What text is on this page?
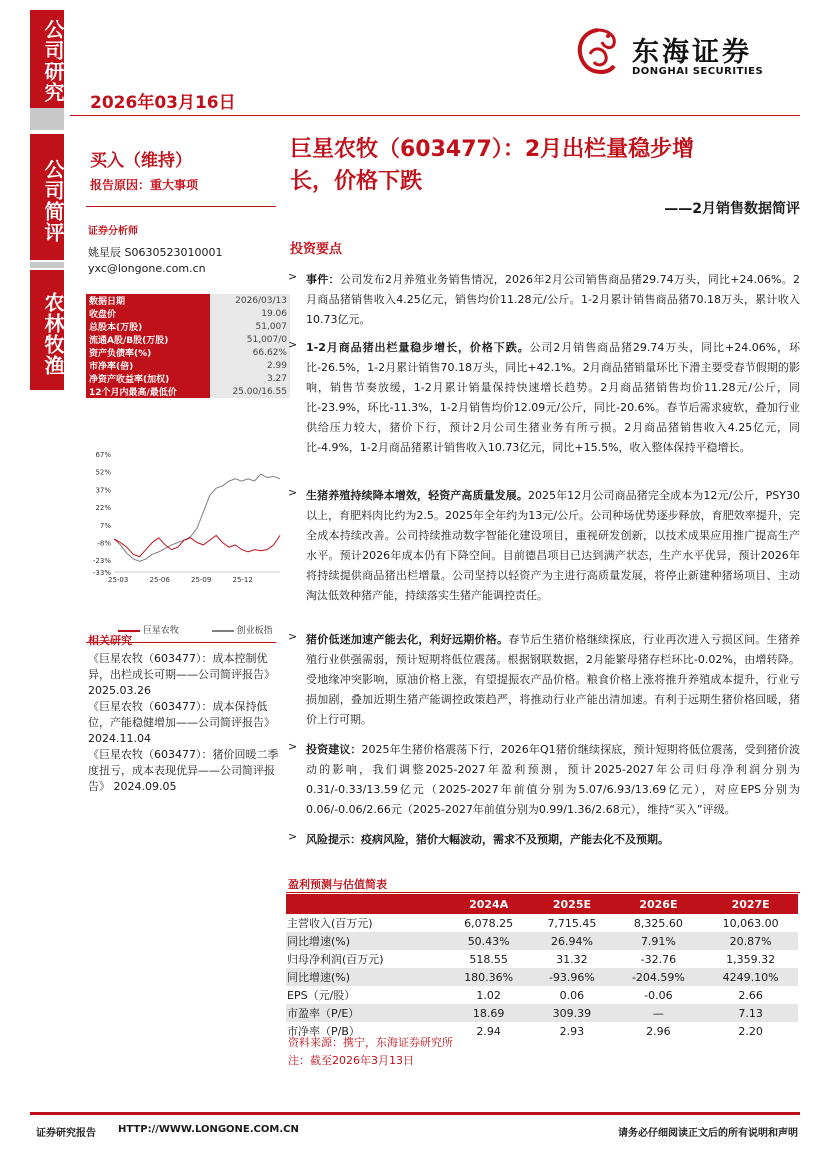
公司研究
公司简评
农林牧渔
2026年03月16日
东海证券
DONGHAI SECURITIES
买入（维持）
报告原因：重大事项
证券分析师
姚星辰 S0630523010001
yxc@longone.com.cn
数据日期	2026/03/13
收盘价	19.06
总股本(万股)	51,007
流通A股/B股(万股)	51,007/0
资产负债率(%)	66.62%
市净率(倍)	2.99
净资产收益率(加权)	3.27
12个月内最高/最低价	25.00/16.55
67%
52%
37%
22%
7%
-8%
-23%
-33%
25-03	25-06	25-09	25-12
巨星农牧	创业板指
相关研究
《巨星农牧（603477）：成本控制优异，出栏成长可期——公司简评报告》 2025.03.26
《巨星农牧（603477）：成本保持低位，产能稳健增加——公司简评报告》 2024.11.04
《巨星农牧（603477）：猪价回暖二季度扭亏，成本表现优异——公司简评报告》 2024.09.05
巨星农牧（603477）：2月出栏量稳步增
长，价格下跌
——2月销售数据简评
投资要点
> 事件：公司发布2月养殖业务销售情况，2026年2月公司销售商品猪29.74万头，同比+24.06%。2月商品猪销售收入4.25亿元，销售均价11.28元/公斤。1-2月累计销售商品猪70.18万头，累计收入10.73亿元。
> 1-2月商品猪出栏量稳步增长，价格下跌。公司2月销售商品猪29.74万头，同比+24.06%，环比-26.5%，1-2月累计销售70.18万头，同比+42.1%。2月商品猪销量环比下滑主要受春节假期的影响，销售节奏放缓，1-2月累计销量保持快速增长趋势。2月商品猪销售均价11.28元/公斤，同比-23.9%，环比-11.3%，1-2月销售均价12.09元/公斤，同比-20.6%。春节后需求疲软，叠加行业供给压力较大，猪价下行，预计2月公司生猪业务有所亏损。2月商品猪销售收入4.25亿元，同比-4.9%，1-2月商品猪累计销售收入10.73亿元，同比+15.5%，收入整体保持平稳增长。
> 生猪养殖持续降本增效，轻资产高质量发展。2025年12月公司商品猪完全成本为12元/公斤，PSY30以上，育肥料肉比约为2.5。2025年全年约为13元/公斤。公司种场优势逐步释放，育肥效率提升，完全成本持续改善。公司持续推动数字智能化建设项目，重视研发创新，以技术成果应用推广提高生产水平。预计2026年成本仍有下降空间。目前德昌项目已达到满产状态，生产水平优异，预计2026年将持续提供商品猪出栏增量。公司坚持以轻资产为主进行高质量发展，将停止新建种猪场项目、主动淘汰低效种猪产能，持续落实生猪产能调控责任。
> 猪价低迷加速产能去化，利好远期价格。春节后生猪价格继续探底，行业再次进入亏损区间。生猪养殖行业供强需弱，预计短期将低位震荡。根据钢联数据，2月能繁母猪存栏环比-0.02%，由增转降。受地缘冲突影响，原油价格上涨，有望提振农产品价格。粮食价格上涨将推升养殖成本提升，行业亏损加剧，叠加近期生猪产能调控政策趋严，将推动行业产能出清加速。有利于远期生猪价格回暖，猪价上行可期。
> 投资建议：2025年生猪价格震荡下行，2026年Q1猪价继续探底，预计短期将低位震荡，受到猪价波动的影响，我们调整2025-2027年盈利预测，预计2025-2027年公司归母净利润分别为0.31/-0.33/13.59亿元（2025-2027年前值分别为5.07/6.93/13.69亿元），对应EPS分别为0.06/-0.06/2.66元（2025-2027年前值分别为0.99/1.36/2.68元），维持“买入”评级。
> 风险提示：疫病风险，猪价大幅波动，需求不及预期，产能去化不及预期。
盈利预测与估值简表
	2024A	2025E	2026E	2027E
主营收入(百万元)	6,078.25	7,715.45	8,325.60	10,063.00
同比增速(%)	50.43%	26.94%	7.91%	20.87%
归母净利润(百万元)	518.55	31.32	-32.76	1,359.32
同比增速(%)	180.36%	-93.96%	-204.59%	4249.10%
EPS（元/股）	1.02	0.06	-0.06	2.66
市盈率（P/E）	18.69	309.39	—	7.13
市净率（P/B）	2.94	2.93	2.96	2.20
资料来源：携宁，东海证券研究所
注：截至2026年3月13日
证券研究报告 HTTP://WWW.LONGONE.COM.CN	请务必仔细阅读正文后的所有说明和声明
